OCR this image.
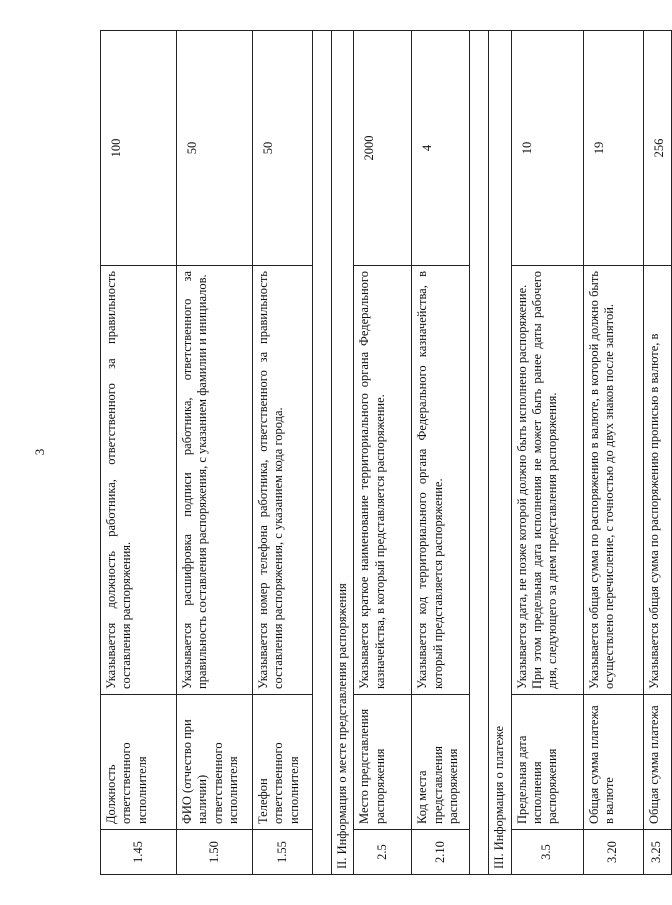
3
1.45	Должность ответственного исполнителя	Указывается должность работника, ответственного за правильность составления распоряжения.	100
1.50	ФИО (отчество при наличии) ответственного исполнителя	Указывается расшифровка подписи работника, ответственного за правильность составления распоряжения, с указанием фамилии и инициалов.	50
1.55	Телефон ответственного исполнителя	Указывается номер телефона работника, ответственного за правильность составления распоряжения, с указанием кода города.	50

II. Информация о месте представления распоряжения			
2.5	Место представления распоряжения	Указывается краткое наименование территориального органа Федерального казначейства, в который представляется распоряжение.	2000
2.10	Код места представления распоряжения	Указывается код территориального органа Федерального казначейства, в который представляется распоряжение.	4

III. Информация о платеже			
3.5	Предельная дата исполнения распоряжения	Указывается дата, не позже которой должно быть исполнено распоряжение. При этом предельная дата исполнения не может быть ранее даты рабочего дня, следующего за днем представления распоряжения.	10
3.20	Общая сумма платежа в валюте	Указывается общая сумма по распоряжению в валюте, в которой должно быть осуществлено перечисление, с точностью до двух знаков после запятой.	19
3.25	Общая сумма платежа	Указывается общая сумма по распоряжению прописью в валюте, в	256
